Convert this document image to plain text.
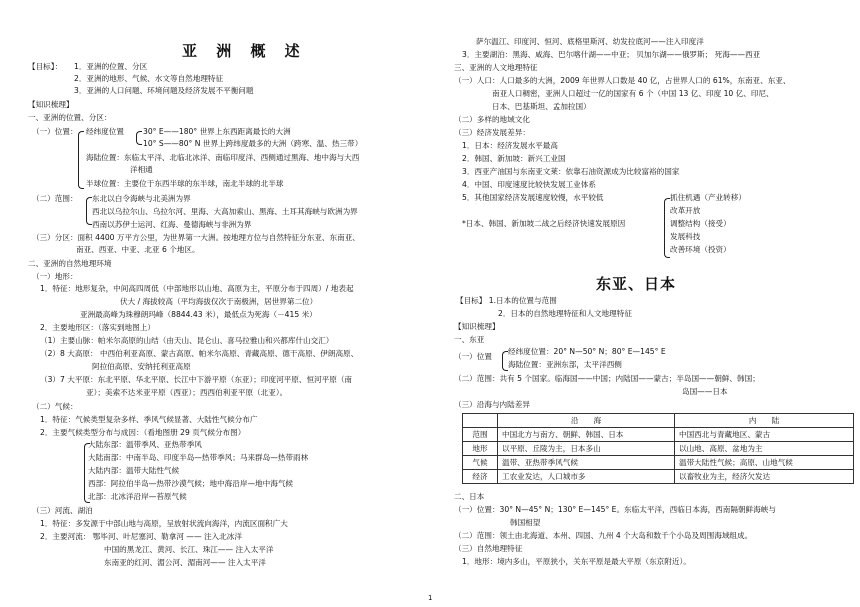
亚 洲 概 述
【目标】： 1．亚洲的位置、分区
2．亚洲的地形、气候、水文等自然地理特征
3．亚洲的人口问题、环境问题及经济发展不平衡问题
【知识梳理】
一、亚洲的位置、分区：
（一）位置： 经纬度位置	30° E——180° 世界上东西距离最长的大洲
10° S——80° N 世界上跨纬度最多的大洲（跨寒、温、热三带）
海陆位置：东临太平洋、北临北冰洋、南临印度洋、西侧通过黑海、地中海与大西
洋相通
半球位置：主要位于东西半球的东半球，南北半球的北半球
（二）范围： 东北以白令海峡与北美洲为界
西北以乌拉尔山、乌拉尔河、里海、大高加索山、黑海、土耳其海峡与欧洲为界
西南以苏伊士运河、红海、曼德海峡与非洲为界
（三）分区：面积 4400 万平方公里，为世界第一大洲。按地理方位与自然特征分东亚、东南亚、
南亚、西亚、中亚、北亚 6 个地区。
二、亚洲的自然地理环境
（一）地形：
1．特征：地形复杂，中间高四周低（中部地形以山地、高原为主，平原分布于四周）/ 地表起
伏大 / 海拔较高（平均海拔仅次于南极洲，居世界第二位）
亚洲最高峰为珠穆朗玛峰（8844.43 米），最低点为死海（－415 米）
2．主要地形区：（落实到地图上）
（1）主要山脉：帕米尔高原的山结（由天山、昆仑山、喜马拉雅山和兴都库什山交汇）
（2）8 大高原： 中西伯利亚高原、蒙古高原、帕米尔高原、青藏高原、德干高原、伊朗高原、
阿拉伯高原、安纳托利亚高原
（3）7 大平原：东北平原、华北平原、长江中下游平原（东亚）；印度河平原、恒河平原（南
亚）；美索不达米亚平原（西亚）；西西伯利亚平原（北亚）。
（二）气候：
1．特征：气候类型复杂多样、季风气候显著、大陆性气候分布广
2．主要气候类型分布与成因：（看地图册 29 页气候分布图）
大陆东部：温带季风、亚热带季风
大陆南部：中南半岛、印度半岛—热带季风；马来群岛—热带雨林
大陆内部：温带大陆性气候
西部：阿拉伯半岛—热带沙漠气候；地中海沿岸—地中海气候
北部：北冰洋沿岸—苔原气候
（三）河流、湖泊
1．特征：多发源于中部山地与高原，呈放射状流向海洋，内流区面积广大
2．主要河流： 鄂毕河、叶尼塞河、勒拿河 —— 注入北冰洋
中国的黑龙江、黄河、长江、珠江—— 注入太平洋
东南亚的红河、湄公河、湄南河—— 注入太平洋
萨尔温江、印度河、恒河、底格里斯河、幼发拉底河——注入印度洋
3．主要湖泊：黑海、咸海、巴尔喀什湖——中亚； 贝加尔湖——俄罗斯； 死海——西亚
三、亚洲的人文地理特征
（一）人口：人口最多的大洲，2009 年世界人口数是 40 亿，占世界人口的 61%，东南亚、东亚、
南亚人口稠密，亚洲人口超过一亿的国家有 6 个（中国 13 亿、印度 10 亿、印尼、
日本、巴基斯坦、孟加拉国）
（二）多样的地域文化
（三）经济发展差异：
1．日本：经济发展水平最高
2．韩国、新加坡：新兴工业国
3．西亚产油国与东南亚文莱：依靠石油资源成为比较富裕的国家
4．中国、印度速度比较快发展工业体系
5．其他国家经济发展速度较慢，水平较低
*日本、韩国、新加坡二战之后经济快速发展原因
抓住机遇（产业转移）
改革开放
调整结构（接受）
发展科技
改善环境（投资）
东亚、日本
【目标】 1.日本的位置与范围
2．日本的自然地理特征和人文地理特征
【知识梳理】
一、东亚
（一）位置
经纬度位置：20° N—50° N；80° E—145° E
海陆位置：亚洲东部，太平洋西侧
（二）范围：共有 5 个国家。临海国——中国；内陆国——蒙古；半岛国——朝鲜、韩国；
岛国——日本
（三）沿海与内陆差异
二、日本
（一）位置：30° N—45° N；130° E—145° E。东临太平洋，西临日本海，西南隔朝鲜海峡与
韩国相望
（二）范围：领土由北海道、本州、四国、九州 4 个大岛和数千个小岛及周围海域组成。
（三）自然地理特征
1．地形：境内多山，平原狭小，关东平原是最大平原（东京附近）。
	沿　　海	内　　陆
范围	中国北方与南方、朝鲜、韩国、日本	中国西北与青藏地区、蒙古
地形	以平原、丘陵为主，日本多山	以山地、高原、盆地为主
气候	温带、亚热带季风气候	温带大陆性气候；高原、山地气候
经济	工农业发达，人口城市多	以畜牧业为主，经济欠发达
1
